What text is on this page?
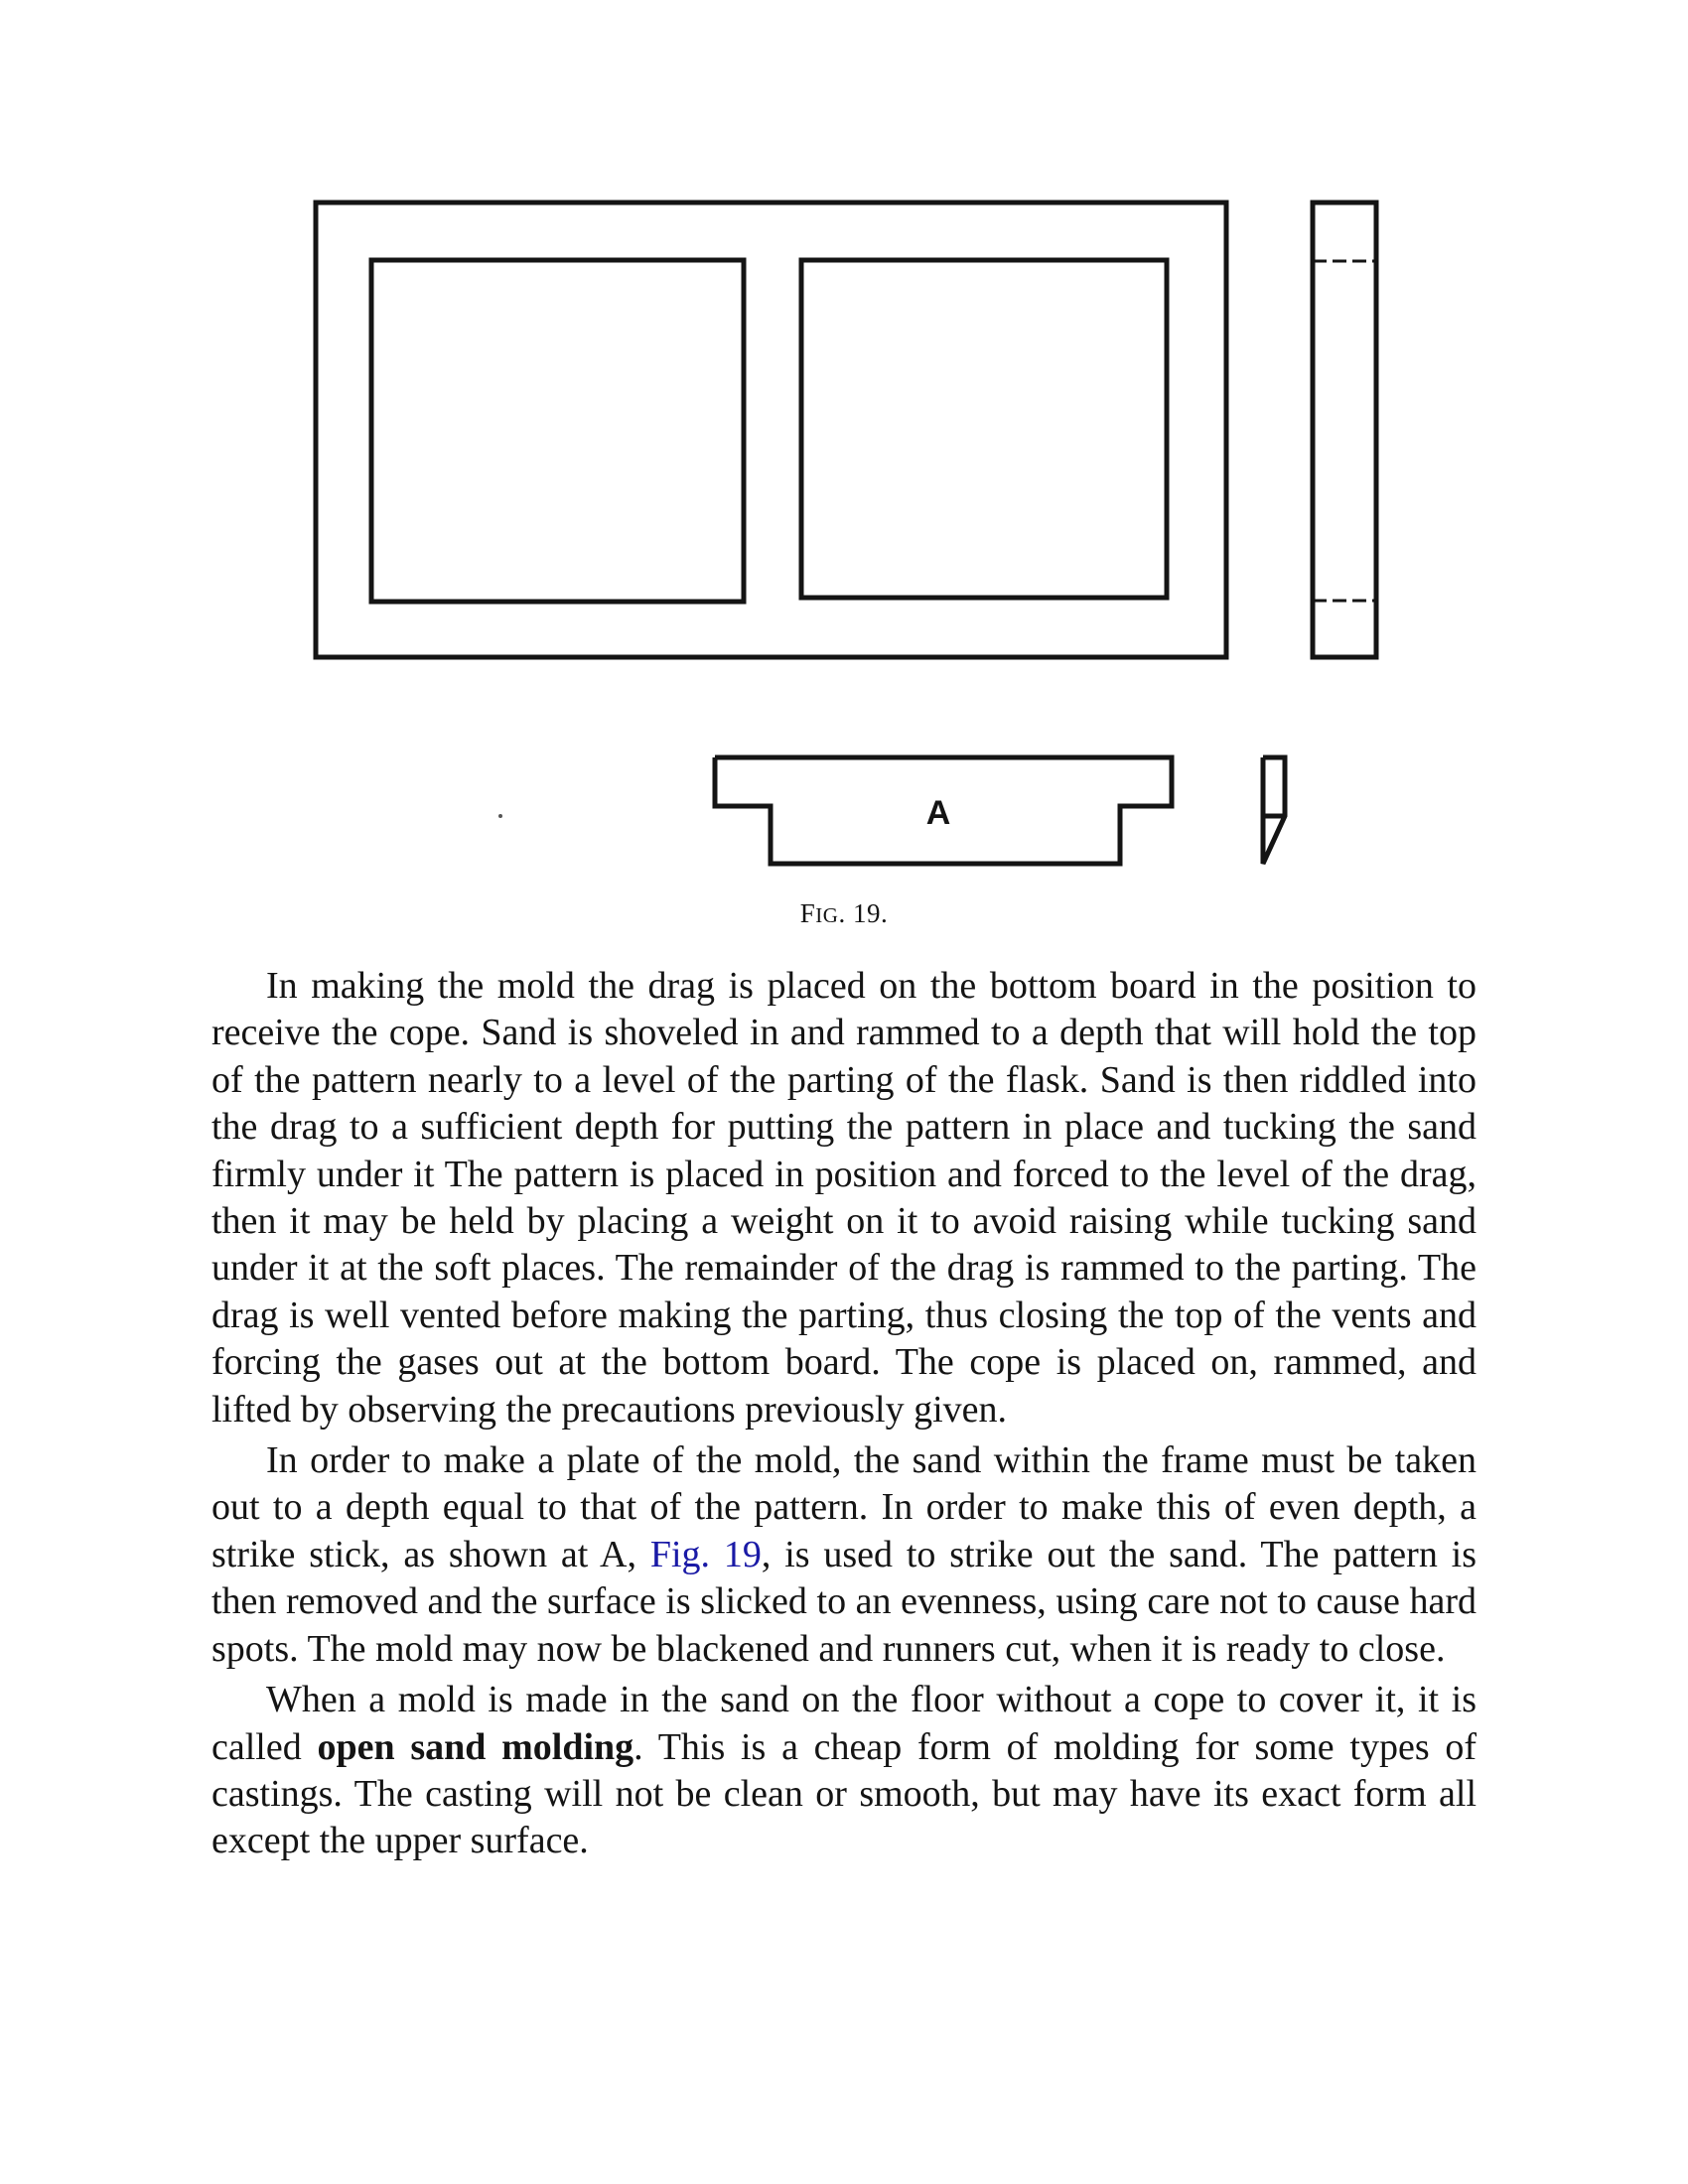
A
FIG. 19.

In making the mold the drag is placed on the bottom board in the position to receive the cope. Sand is shoveled in and rammed to a depth that will hold the top of the pattern nearly to a level of the parting of the flask. Sand is then riddled into the drag to a sufficient depth for putting the pattern in place and tucking the sand firmly under it The pattern is placed in position and forced to the level of the drag, then it may be held by placing a weight on it to avoid raising while tucking sand under it at the soft places. The remainder of the drag is rammed to the parting. The drag is well vented before making the parting, thus closing the top of the vents and forcing the gases out at the bottom board. The cope is placed on, rammed, and lifted by observing the precautions previously given.

In order to make a plate of the mold, the sand within the frame must be taken out to a depth equal to that of the pattern. In order to make this of even depth, a strike stick, as shown at A, Fig. 19, is used to strike out the sand. The pattern is then removed and the surface is slicked to an evenness, using care not to cause hard spots. The mold may now be blackened and runners cut, when it is ready to close.

When a mold is made in the sand on the floor without a cope to cover it, it is called open sand molding. This is a cheap form of molding for some types of castings. The casting will not be clean or smooth, but may have its exact form all except the upper surface.
